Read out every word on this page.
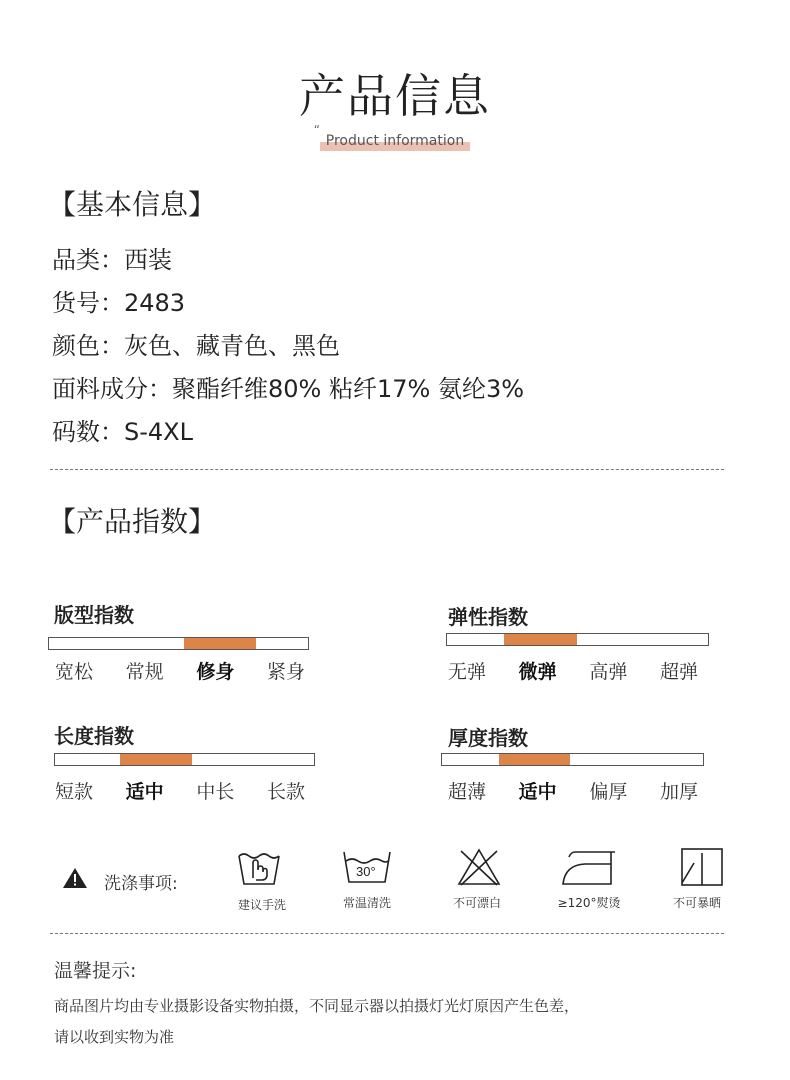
产品信息
“
Product information
【基本信息】
品类：西装
货号：2483
颜色：灰色、藏青色、黑色
面料成分：聚酯纤维80% 粘纤17% 氨纶3%
码数：S-4XL
【产品指数】
版型指数
宽松 常规 修身 紧身
弹性指数
无弹 微弹 高弹 超弹
长度指数
短款 适中 中长 长款
厚度指数
超薄 适中 偏厚 加厚
洗涤事项:
建议手洗
30°
常温清洗	不可漂白	≥120°熨烫	不可暴晒
温馨提示:
商品图片均由专业摄影设备实物拍摄，不同显示器以拍摄灯光灯原因产生色差，
请以收到实物为准
